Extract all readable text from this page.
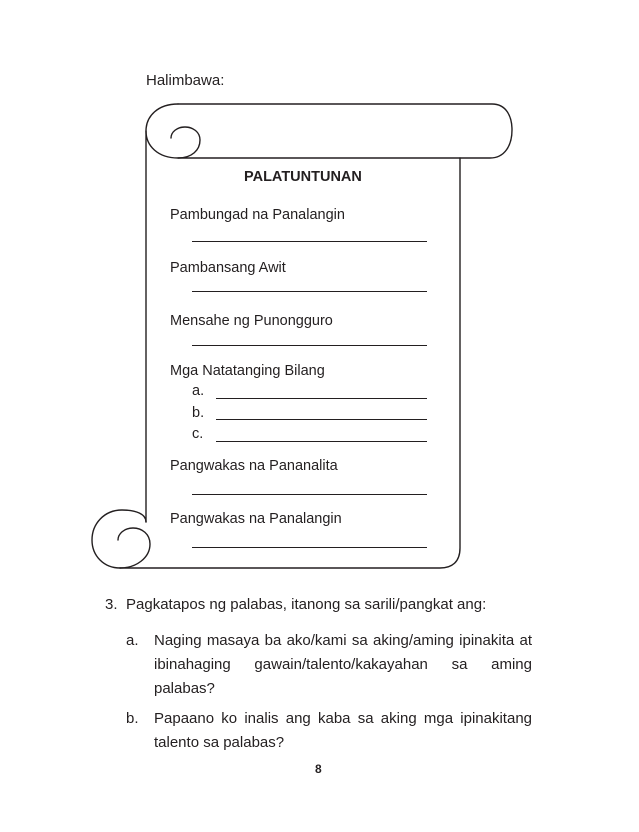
Halimbawa:
PALATUNTUNAN
Pambungad na Panalangin
Pambansang Awit
Mensahe ng Punongguro
Mga Natatanging Bilang
a.
b.
c.
Pangwakas na Pananalita
Pangwakas na Panalangin
3. Pagkatapos ng palabas, itanong sa sarili/pangkat ang:
a. Naging masaya ba ako/kami sa aking/aming ipinakita at ibinahaging gawain/talento/kakayahan sa aming palabas?
b. Papaano ko inalis ang kaba sa aking mga ipinakitang talento sa palabas?
8
